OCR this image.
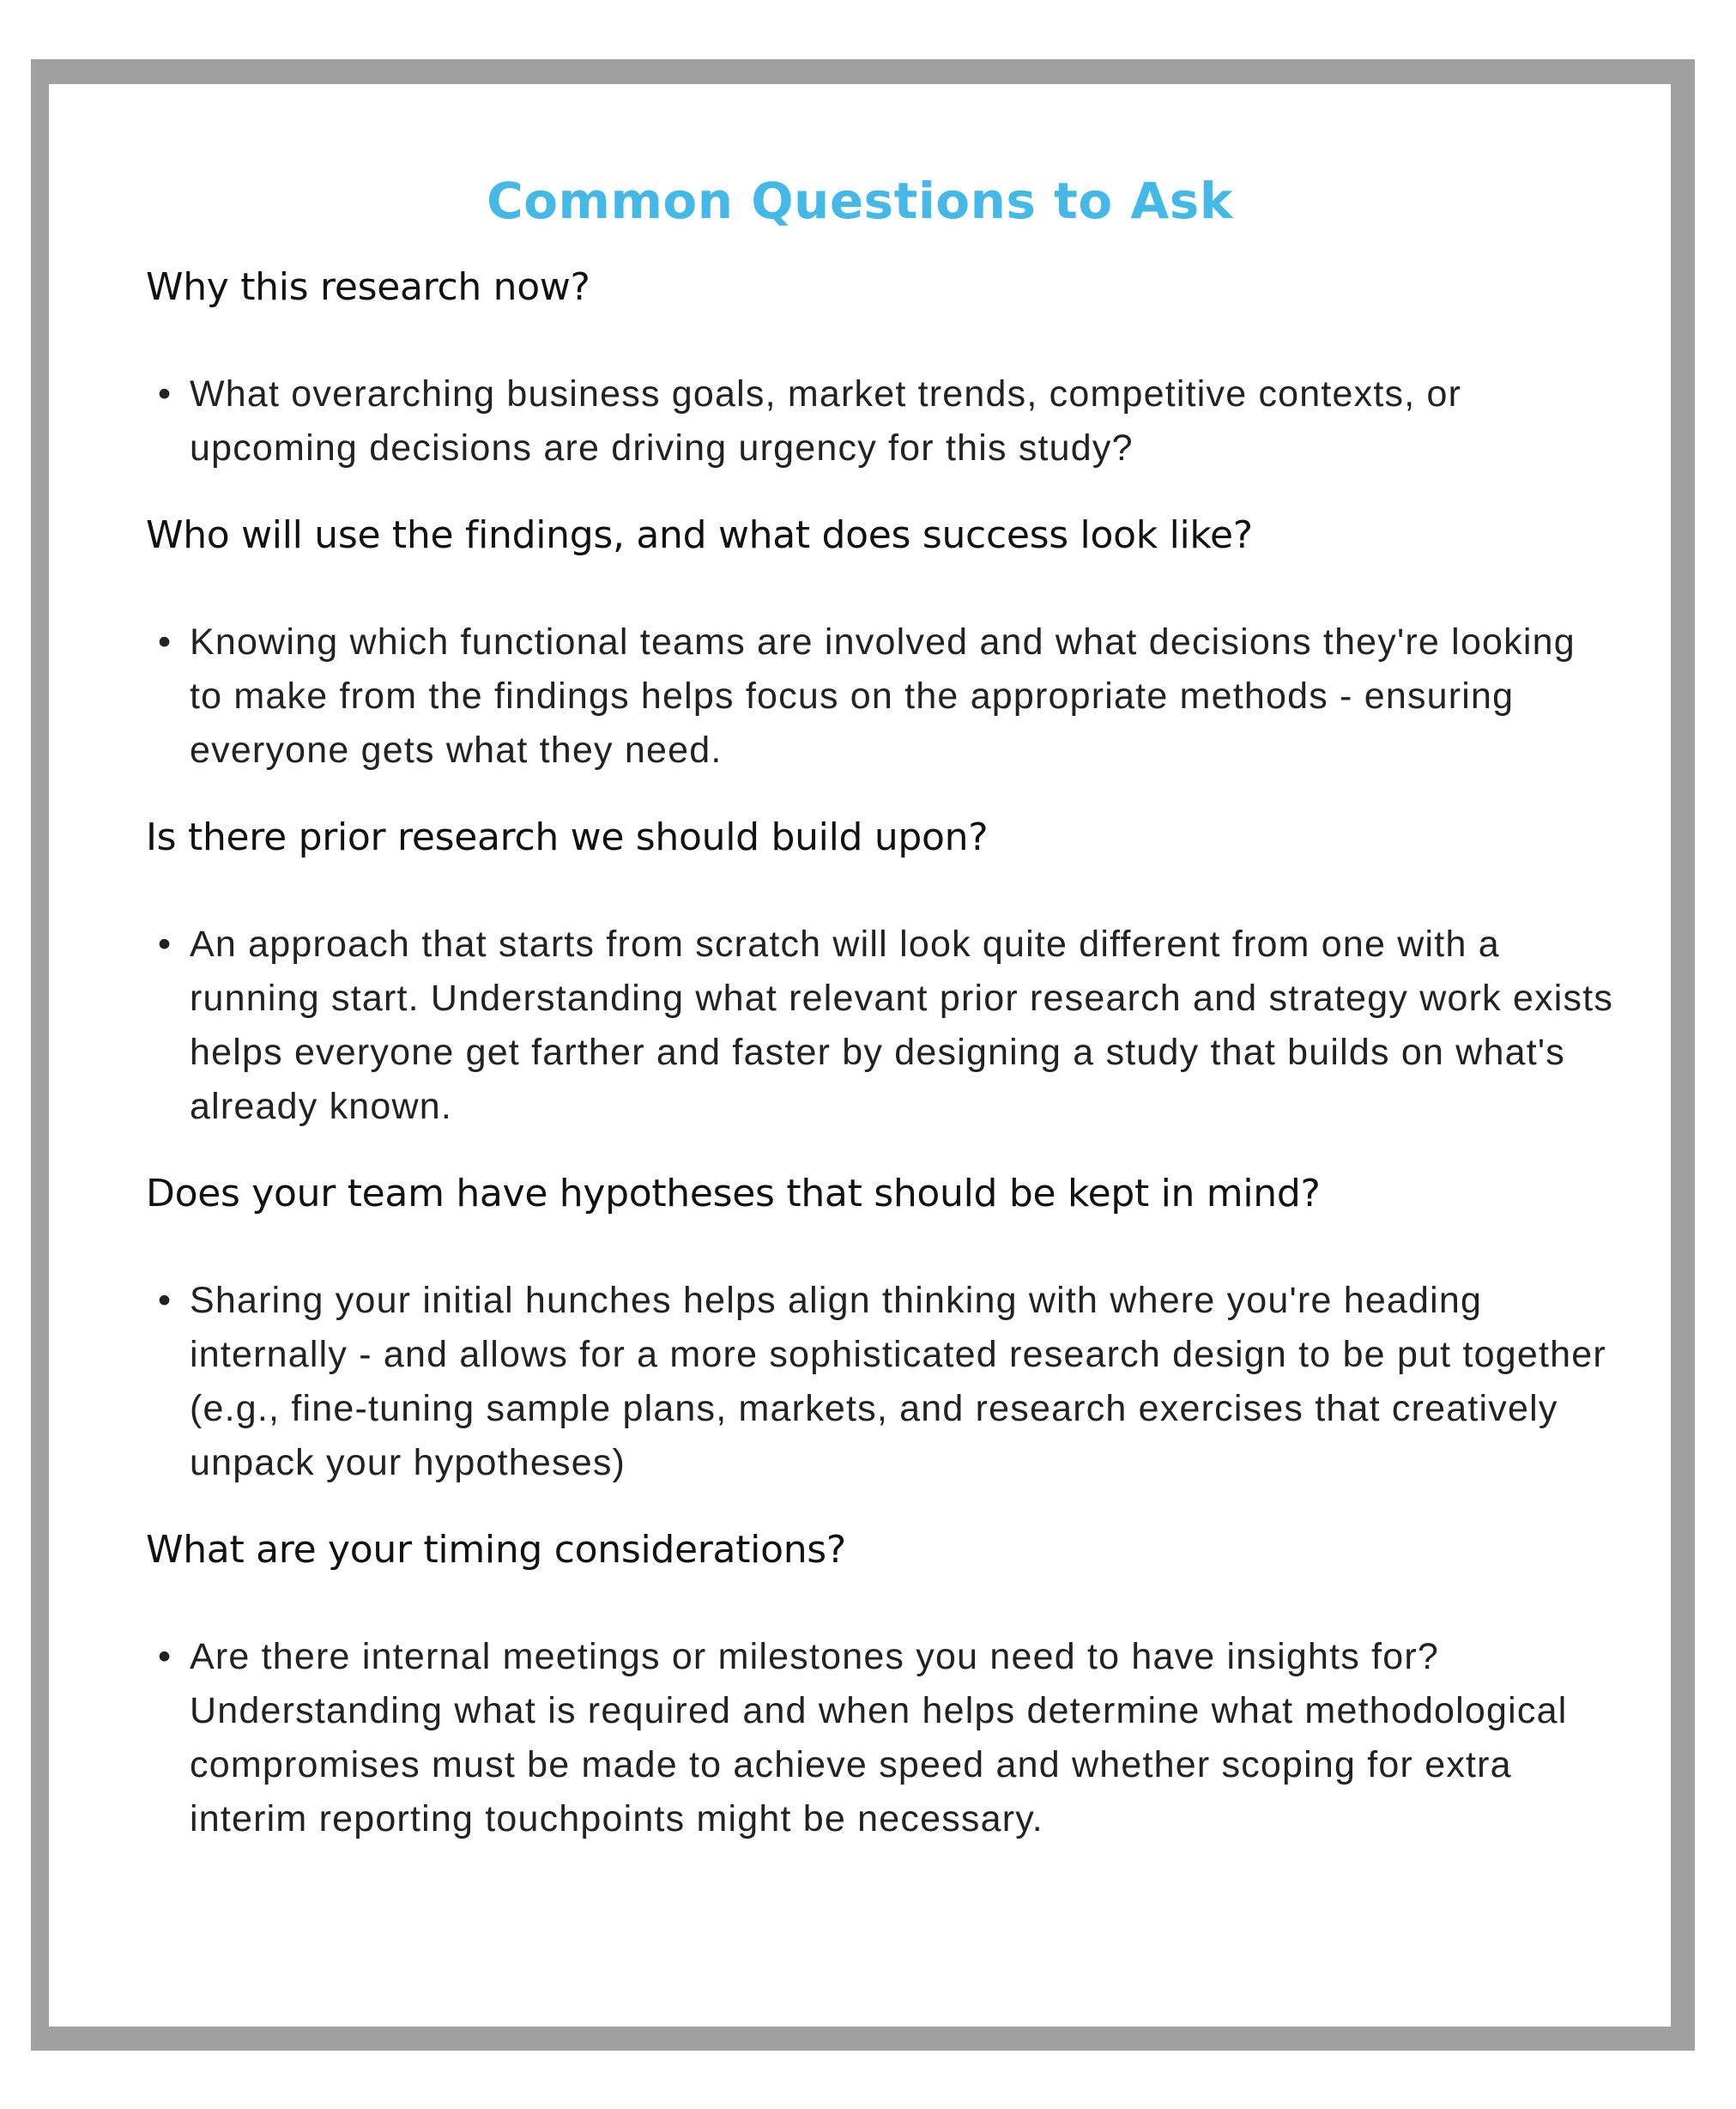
Common Questions to Ask

Why this research now?

• What overarching business goals, market trends, competitive contexts, or upcoming decisions are driving urgency for this study?

Who will use the findings, and what does success look like?

• Knowing which functional teams are involved and what decisions they're looking to make from the findings helps focus on the appropriate methods - ensuring everyone gets what they need.

Is there prior research we should build upon?

• An approach that starts from scratch will look quite different from one with a running start. Understanding what relevant prior research and strategy work exists helps everyone get farther and faster by designing a study that builds on what's already known.

Does your team have hypotheses that should be kept in mind?

• Sharing your initial hunches helps align thinking with where you're heading internally - and allows for a more sophisticated research design to be put together (e.g., fine-tuning sample plans, markets, and research exercises that creatively unpack your hypotheses)

What are your timing considerations?

• Are there internal meetings or milestones you need to have insights for? Understanding what is required and when helps determine what methodological compromises must be made to achieve speed and whether scoping for extra interim reporting touchpoints might be necessary.
